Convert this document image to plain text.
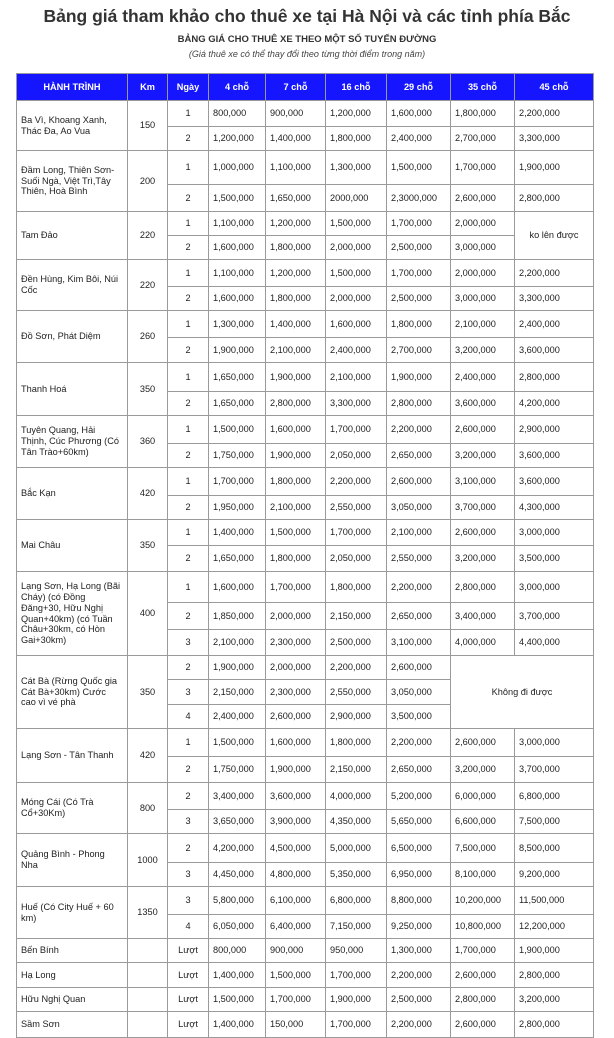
Bảng giá tham khảo cho thuê xe tại Hà Nội và các tỉnh phía Bắc
BẢNG GIÁ CHO THUÊ XE THEO MỘT SỐ TUYẾN ĐƯỜNG
(Giá thuê xe có thể thay đổi theo từng thời điểm trong năm)
HÀNH TRÌNH	Km	Ngày	4 chỗ	7 chỗ	16 chỗ	29 chỗ	35 chỗ	45 chỗ
Ba Vì, Khoang Xanh, Thác Đa, Ao Vua	150	1	800,000	900,000	1,200,000	1,600,000	1,800,000	2,200,000
		2	1,200,000	1,400,000	1,800,000	2,400,000	2,700,000	3,300,000
Đầm Long, Thiên Sơn-Suối Ngà, Việt Trì,Tây Thiên, Hoà Bình	200	1	1,000,000	1,100,000	1,300,000	1,500,000	1,700,000	1,900,000
		2	1,500,000	1,650,000	2000,000	2,3000,000	2,600,000	2,800,000
Tam Đảo	220	1	1,100,000	1,200,000	1,500,000	1,700,000	2,000,000	ko lên được
		2	1,600,000	1,800,000	2,000,000	2,500,000	3,000,000	
Đền Hùng, Kim Bôi, Núi Cốc	220	1	1,100,000	1,200,000	1,500,000	1,700,000	2,000,000	2,200,000
		2	1,600,000	1,800,000	2,000,000	2,500,000	3,000,000	3,300,000
Đồ Sơn, Phát Diệm	260	1	1,300,000	1,400,000	1,600,000	1,800,000	2,100,000	2,400,000
		2	1,900,000	2,100,000	2,400,000	2,700,000	3,200,000	3,600,000
Thanh Hoá	350	1	1,650,000	1,900,000	2,100,000	1,900,000	2,400,000	2,800,000
		2	1,650,000	2,800,000	3,300,000	2,800,000	3,600,000	4,200,000
Tuyên Quang, Hải Thịnh, Cúc Phương (Có Tân Trào+60km)	360	1	1,500,000	1,600,000	1,700,000	2,200,000	2,600,000	2,900,000
		2	1,750,000	1,900,000	2,050,000	2,650,000	3,200,000	3,600,000
Bắc Kạn	420	1	1,700,000	1,800,000	2,200,000	2,600,000	3,100,000	3,600,000
		2	1,950,000	2,100,000	2,550,000	3,050,000	3,700,000	4,300,000
Mai Châu	350	1	1,400,000	1,500,000	1,700,000	2,100,000	2,600,000	3,000,000
		2	1,650,000	1,800,000	2,050,000	2,550,000	3,200,000	3,500,000
Lạng Sơn, Hạ Long (Bãi Cháy) (có Đồng Đăng+30, Hữu Nghị Quan+40km) (có Tuần Châu+30km, có Hòn Gai+30km)	400	1	1,600,000	1,700,000	1,800,000	2,200,000	2,800,000	3,000,000
		2	1,850,000	2,000,000	2,150,000	2,650,000	3,400,000	3,700,000
		3	2,100,000	2,300,000	2,500,000	3,100,000	4,000,000	4,400,000
Cát Bà (Rừng Quốc gia Cát Bà+30km) Cước cao vì vé phà	350	2	1,900,000	2,000,000	2,200,000	2,600,000	Không đi được	
		3	2,150,000	2,300,000	2,550,000	3,050,000		
		4	2,400,000	2,600,000	2,900,000	3,500,000		
Lạng Sơn - Tân Thanh	420	1	1,500,000	1,600,000	1,800,000	2,200,000	2,600,000	3,000,000
		2	1,750,000	1,900,000	2,150,000	2,650,000	3,200,000	3,700,000
Móng Cái (Có Trà Cổ+30Km)	800	2	3,400,000	3,600,000	4,000,000	5,200,000	6,000,000	6,800,000
		3	3,650,000	3,900,000	4,350,000	5,650,000	6,600,000	7,500,000
Quảng Bình - Phong Nha	1000	2	4,200,000	4,500,000	5,000,000	6,500,000	7,500,000	8,500,000
		3	4,450,000	4,800,000	5,350,000	6,950,000	8,100,000	9,200,000
Huế (Có City Huế + 60 km)	1350	3	5,800,000	6,100,000	6,800,000	8,800,000	10,200,000	11,500,000
		4	6,050,000	6,400,000	7,150,000	9,250,000	10,800,000	12,200,000
Bến Bính		Lượt	800,000	900,000	950,000	1,300,000	1,700,000	1,900,000
Hạ Long		Lượt	1,400,000	1,500,000	1,700,000	2,200,000	2,600,000	2,800,000
Hữu Nghị Quan		Lượt	1,500,000	1,700,000	1,900,000	2,500,000	2,800,000	3,200,000
Sầm Sơn		Lượt	1,400,000	150,000	1,700,000	2,200,000	2,600,000	2,800,000
